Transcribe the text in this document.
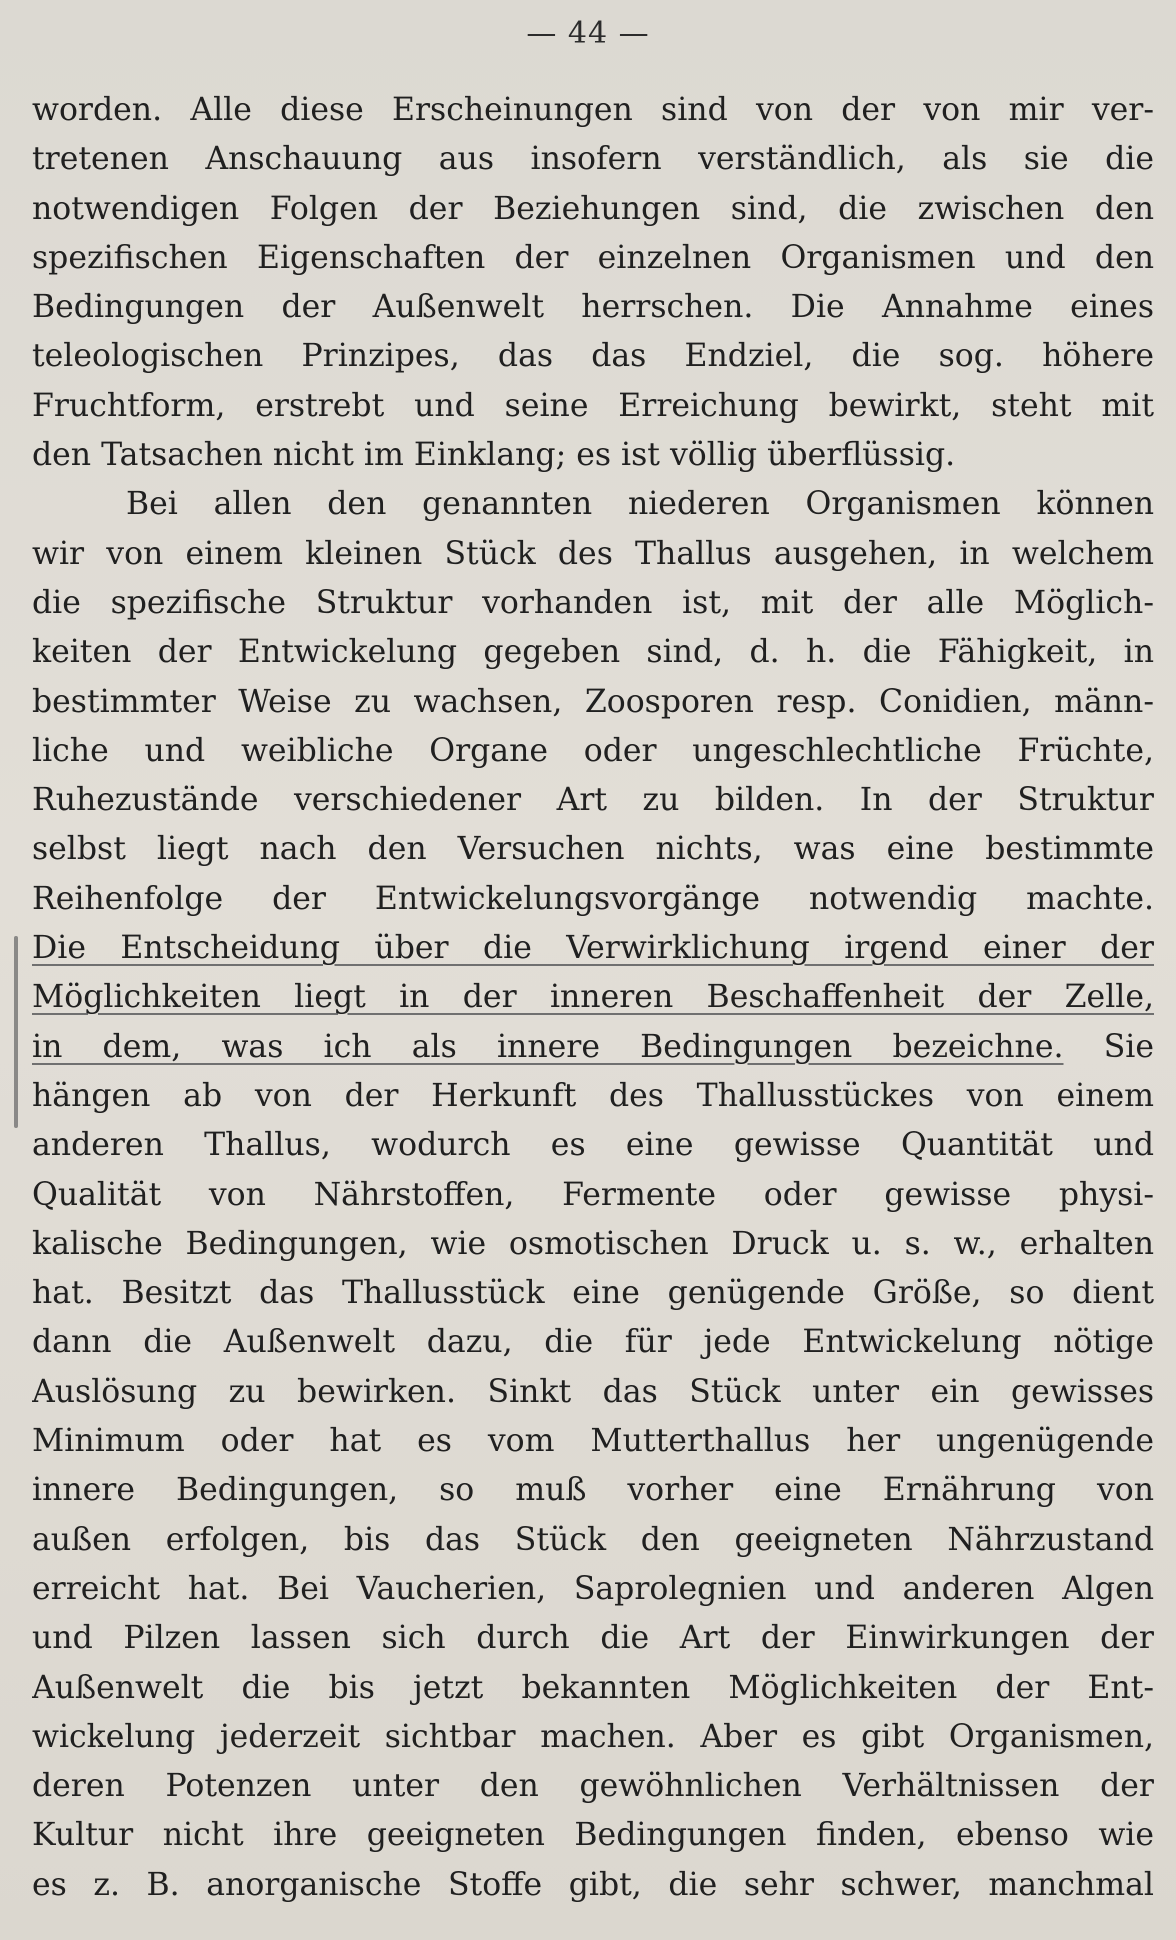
— 44 —
worden. Alle diese Erscheinungen sind von der von mir ver-
tretenen Anschauung aus insofern verständlich, als sie die
notwendigen Folgen der Beziehungen sind, die zwischen den
spezifischen Eigenschaften der einzelnen Organismen und den
Bedingungen der Außenwelt herrschen. Die Annahme eines
teleologischen Prinzipes, das das Endziel, die sog. höhere
Fruchtform, erstrebt und seine Erreichung bewirkt, steht mit
den Tatsachen nicht im Einklang; es ist völlig überflüssig.
Bei allen den genannten niederen Organismen können
wir von einem kleinen Stück des Thallus ausgehen, in welchem
die spezifische Struktur vorhanden ist, mit der alle Möglich-
keiten der Entwickelung gegeben sind, d. h. die Fähigkeit, in
bestimmter Weise zu wachsen, Zoosporen resp. Conidien, männ-
liche und weibliche Organe oder ungeschlechtliche Früchte,
Ruhezustände verschiedener Art zu bilden. In der Struktur
selbst liegt nach den Versuchen nichts, was eine bestimmte
Reihenfolge der Entwickelungsvorgänge notwendig machte.
Die Entscheidung über die Verwirklichung irgend einer der
Möglichkeiten liegt in der inneren Beschaffenheit der Zelle,
in dem, was ich als innere Bedingungen bezeichne. Sie
hängen ab von der Herkunft des Thallusstückes von einem
anderen Thallus, wodurch es eine gewisse Quantität und
Qualität von Nährstoffen, Fermente oder gewisse physi-
kalische Bedingungen, wie osmotischen Druck u. s. w., erhalten
hat. Besitzt das Thallusstück eine genügende Größe, so dient
dann die Außenwelt dazu, die für jede Entwickelung nötige
Auslösung zu bewirken. Sinkt das Stück unter ein gewisses
Minimum oder hat es vom Mutterthallus her ungenügende
innere Bedingungen, so muß vorher eine Ernährung von
außen erfolgen, bis das Stück den geeigneten Nährzustand
erreicht hat. Bei Vaucherien, Saprolegnien und anderen Algen
und Pilzen lassen sich durch die Art der Einwirkungen der
Außenwelt die bis jetzt bekannten Möglichkeiten der Ent-
wickelung jederzeit sichtbar machen. Aber es gibt Organismen,
deren Potenzen unter den gewöhnlichen Verhältnissen der
Kultur nicht ihre geeigneten Bedingungen finden, ebenso wie
es z. B. anorganische Stoffe gibt, die sehr schwer, manchmal
